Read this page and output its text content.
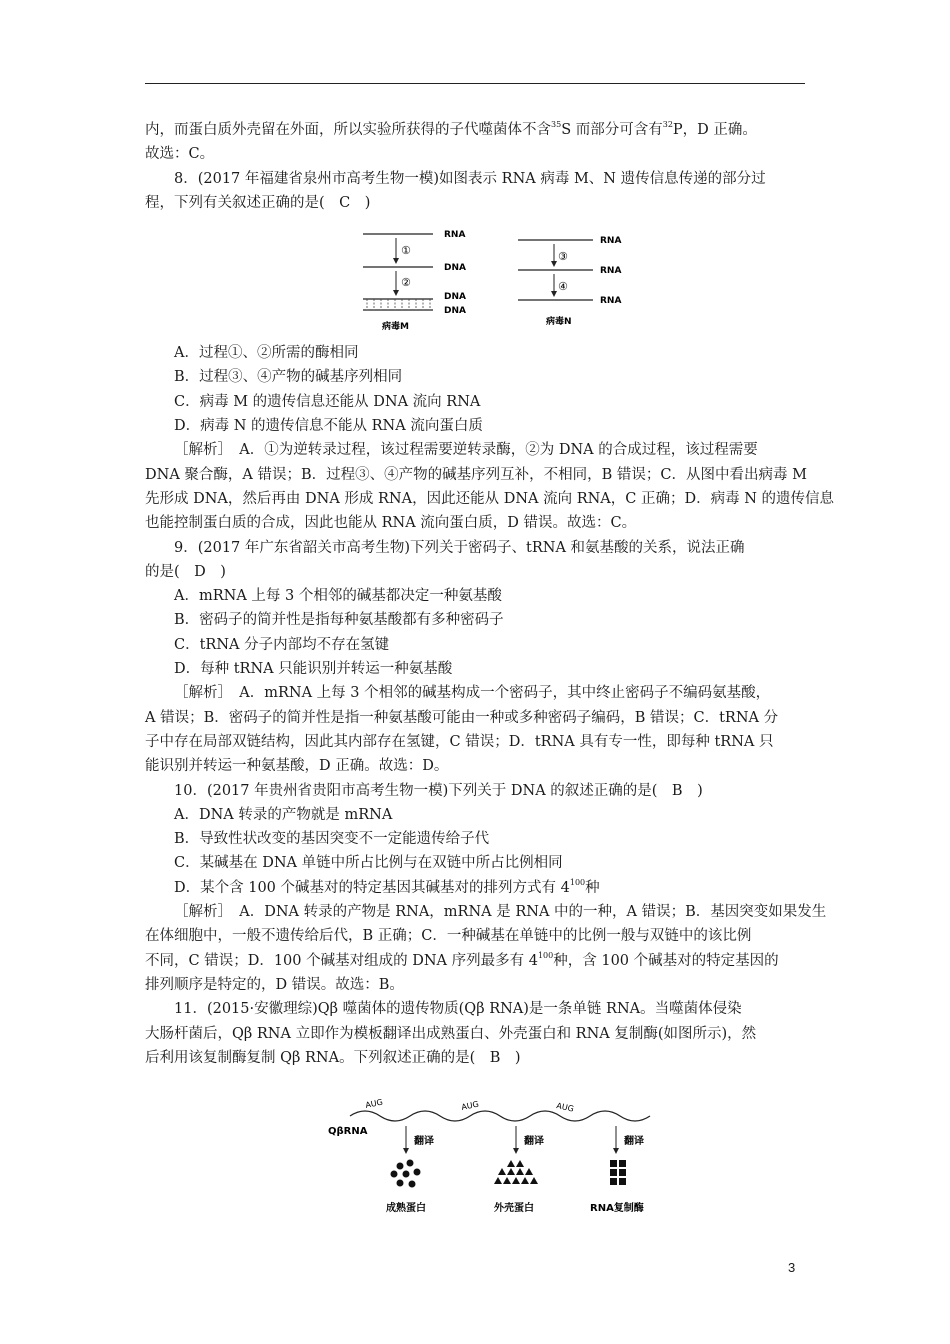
内，而蛋白质外壳留在外面，所以实验所获得的子代噬菌体不含$^{35}$S 而部分可含有$^{32}$P，D 正确。
故选：C。
8．(2017 年福建省泉州市高考生物一模)如图表示 RNA 病毒 M、N 遗传信息传递的部分过
程，下列有关叙述正确的是(　C　)
A．过程①、②所需的酶相同
B．过程③、④产物的碱基序列相同
C．病毒 M 的遗传信息还能从 DNA 流向 RNA
D．病毒 N 的遗传信息不能从 RNA 流向蛋白质
［解析］　A．①为逆转录过程，该过程需要逆转录酶，②为 DNA 的合成过程，该过程需要
DNA 聚合酶，A 错误；B．过程③、④产物的碱基序列互补，不相同，B 错误；C．从图中看出病毒 M
先形成 DNA，然后再由 DNA 形成 RNA，因此还能从 DNA 流向 RNA，C 正确；D．病毒 N 的遗传信息
也能控制蛋白质的合成，因此也能从 RNA 流向蛋白质，D 错误。故选：C。
9．(2017 年广东省韶关市高考生物)下列关于密码子、tRNA 和氨基酸的关系，说法正确
的是(　D　)
A．mRNA 上每 3 个相邻的碱基都决定一种氨基酸
B．密码子的简并性是指每种氨基酸都有多种密码子
C．tRNA 分子内部均不存在氢键
D．每种 tRNA 只能识别并转运一种氨基酸
［解析］　A．mRNA 上每 3 个相邻的碱基构成一个密码子，其中终止密码子不编码氨基酸，
A 错误；B．密码子的简并性是指一种氨基酸可能由一种或多种密码子编码，B 错误；C．tRNA 分
子中存在局部双链结构，因此其内部存在氢键，C 错误；D．tRNA 具有专一性，即每种 tRNA 只
能识别并转运一种氨基酸，D 正确。故选：D。
10．(2017 年贵州省贵阳市高考生物一模)下列关于 DNA 的叙述正确的是(　B　)
A．DNA 转录的产物就是 mRNA
B．导致性状改变的基因突变不一定能遗传给子代
C．某碱基在 DNA 单链中所占比例与在双链中所占比例相同
D．某个含 100 个碱基对的特定基因其碱基对的排列方式有 $4^{100}$种
［解析］　A．DNA 转录的产物是 RNA，mRNA 是 RNA 中的一种，A 错误；B．基因突变如果发生
在体细胞中，一般不遗传给后代，B 正确；C．一种碱基在单链中的比例一般与双链中的该比例
不同，C 错误；D．100 个碱基对组成的 DNA 序列最多有 $4^{100}$种，含 100 个碱基对的特定基因的
排列顺序是特定的，D 错误。故选：B。
11．(2015·安徽理综)Qβ 噬菌体的遗传物质(Qβ RNA)是一条单链 RNA。当噬菌体侵染
大肠杆菌后，Qβ RNA 立即作为模板翻译出成熟蛋白、外壳蛋白和 RNA 复制酶(如图所示)，然
后利用该复制酶复制 Qβ RNA。下列叙述正确的是(　B　)
①
②
RNA
DNA
DNA
DNA
病毒M
③
④
RNA
RNA
RNA
病毒N
QβRNA
AUG	AUG	AUG
翻译	翻译	翻译
成熟蛋白	外壳蛋白	RNA复制酶
3
